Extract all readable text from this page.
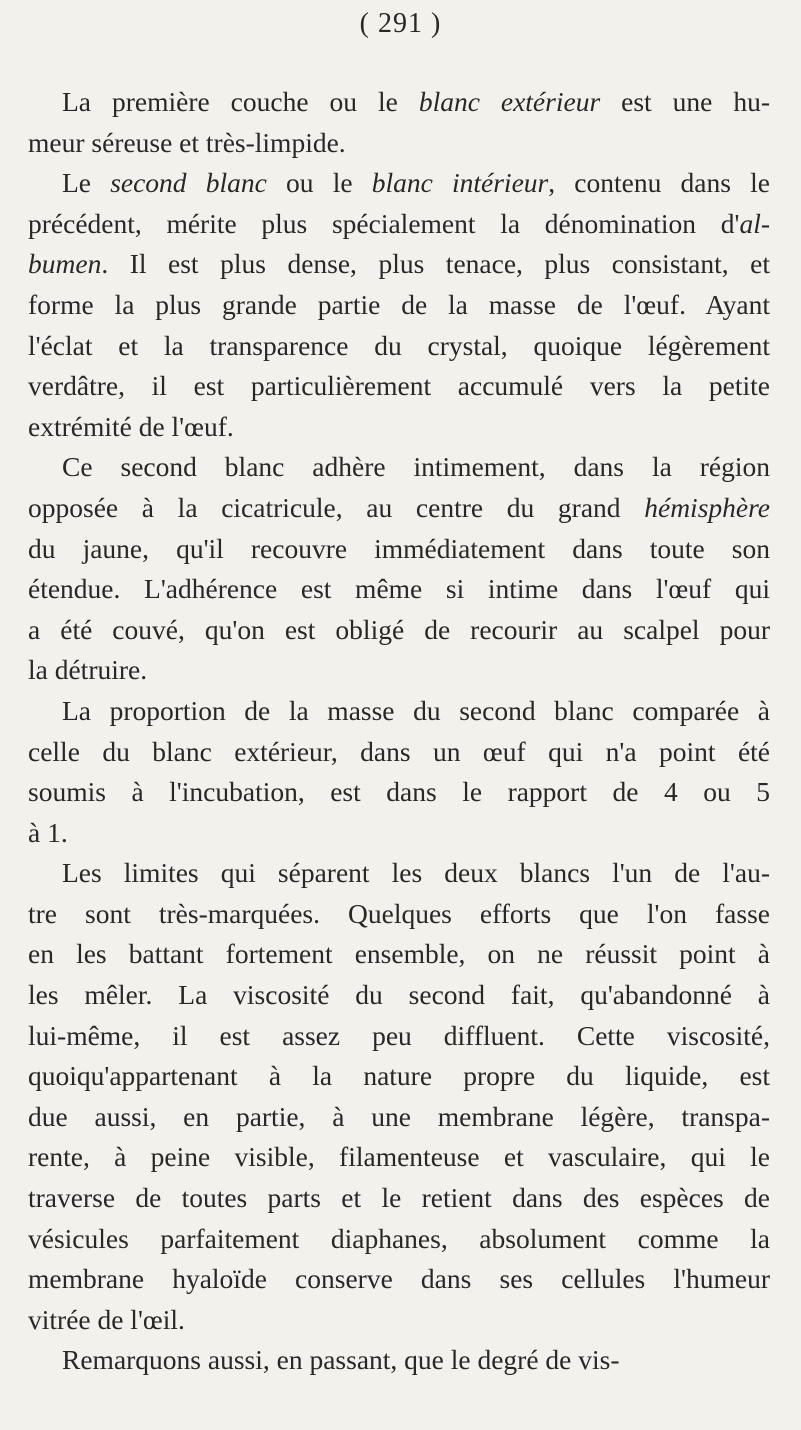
( 291 )
La première couche ou le blanc extérieur est une hu-
meur séreuse et très-limpide.
Le second blanc ou le blanc intérieur, contenu dans le
précédent, mérite plus spécialement la dénomination d'al-
bumen. Il est plus dense, plus tenace, plus consistant, et
forme la plus grande partie de la masse de l'œuf. Ayant
l'éclat et la transparence du crystal, quoique légèrement
verdâtre, il est particulièrement accumulé vers la petite
extrémité de l'œuf.
Ce second blanc adhère intimement, dans la région
opposée à la cicatricule, au centre du grand hémisphère
du jaune, qu'il recouvre immédiatement dans toute son
étendue. L'adhérence est même si intime dans l'œuf qui
a été couvé, qu'on est obligé de recourir au scalpel pour
la détruire.
La proportion de la masse du second blanc comparée à
celle du blanc extérieur, dans un œuf qui n'a point été
soumis à l'incubation, est dans le rapport de 4 ou 5
à 1.
Les limites qui séparent les deux blancs l'un de l'au-
tre sont très-marquées. Quelques efforts que l'on fasse
en les battant fortement ensemble, on ne réussit point à
les mêler. La viscosité du second fait, qu'abandonné à
lui-même, il est assez peu diffluent. Cette viscosité,
quoiqu'appartenant à la nature propre du liquide, est
due aussi, en partie, à une membrane légère, transpa-
rente, à peine visible, filamenteuse et vasculaire, qui le
traverse de toutes parts et le retient dans des espèces de
vésicules parfaitement diaphanes, absolument comme la
membrane hyaloïde conserve dans ses cellules l'humeur
vitrée de l'œil.
Remarquons aussi, en passant, que le degré de vis-
